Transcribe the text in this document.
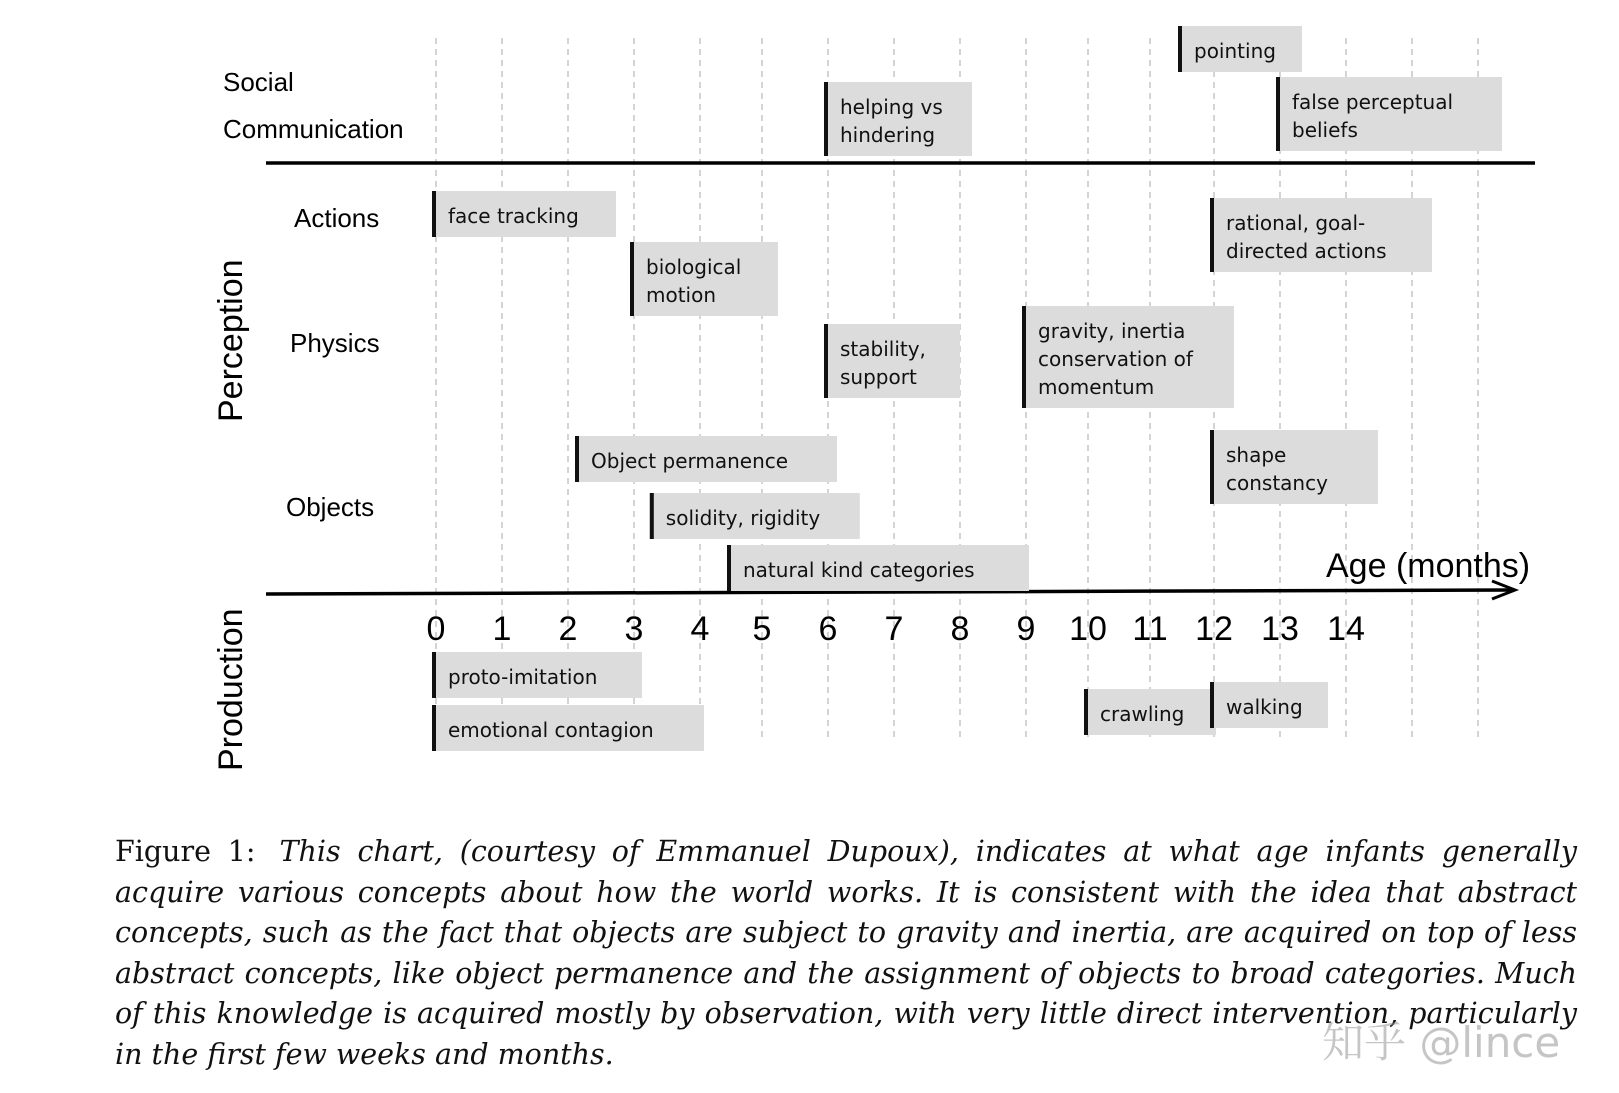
Age (months)
0 1 2 3 4 5 6 7 8 9 10 11 12 13 14
Social
Communication
Actions
Physics
Objects
Perception
Production
pointing
helping vs
hindering
false perceptual
beliefs
face tracking
biological
motion
rational, goal-
directed actions
stability,
support
gravity, inertia
conservation of
momentum
Object permanence	shape
constancy
solidity, rigidity
natural kind categories
proto-imitation
emotional contagion
crawling walking
Figure 1: This chart, (courtesy of Emmanuel Dupoux), indicates at what age infants generally acquire various concepts about how the world works. It is consistent with the idea that abstract concepts, such as the fact that objects are subject to gravity and inertia, are acquired on top of less abstract concepts, like object permanence and the assignment of objects to broad categories. Much of this knowledge is acquired mostly by observation, with very little direct intervention, particularly in the first few weeks and months.	知乎 @lince
